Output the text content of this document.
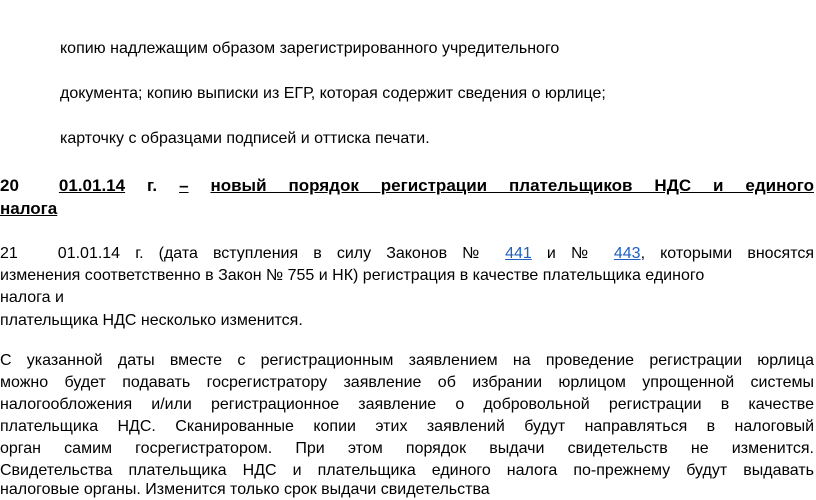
копию надлежащим образом зарегистрированного учредительного
документа; копию выписки из ЕГР, которая содержит сведения о юрлице;
карточку с образцами подписей и оттиска печати.
20 01.01.14 г. – новый порядок регистрации плательщиков НДС и единого
налога
21	01.01.14 г. (дата вступления в силу Законов № 441 и № 443, которыми вносятся
изменения соответственно в Закон № 755 и НК) регистрация в качестве плательщика единого
налога и
плательщика НДС несколько изменится.
С указанной даты вместе с регистрационным заявлением на проведение регистрации юрлица
можно будет подавать госрегистратору заявление об избрании юрлицом упрощенной системы
налогообложения и/или регистрационное заявление о добровольной регистрации в качестве
плательщика НДС. Сканированные копии этих заявлений будут направляться в налоговый
орган самим госрегистратором. При этом порядок выдачи свидетельств не изменится.
Свидетельства плательщика НДС и плательщика единого налога по-прежнему будут выдавать
налоговые органы. Изменится только срок выдачи свидетельства
